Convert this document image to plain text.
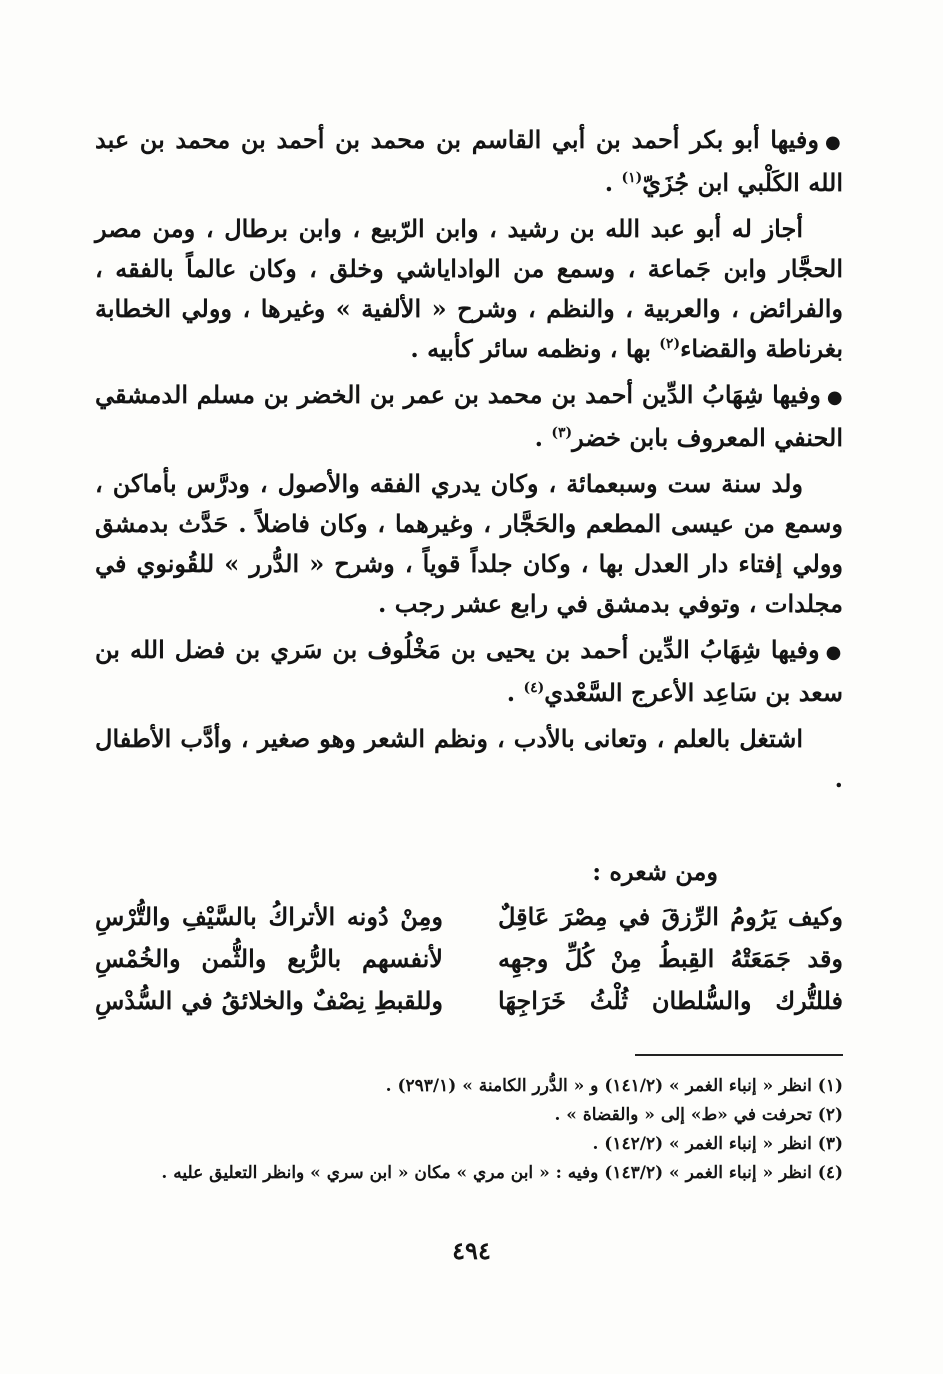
●وفيها أبو بكر أحمد بن أبي القاسم بن محمد بن أحمد بن محمد بن عبد الله الكَلْبي ابن جُزَيّ$^{(١)}$ .

أجاز له أبو عبد الله بن رشيد ، وابن الرّبيع ، وابن برطال ، ومن مصر الحجَّار وابن جَماعة ، وسمع من الواداياشي وخلق ، وكان عالماً بالفقه ، والفرائض ، والعربية ، والنظم ، وشرح « الألفية » وغيرها ، وولي الخطابة بغرناطة والقضاء$^{(٢)}$ بها ، ونظمه سائر كأبيه .

●وفيها شِهَابُ الدِّين أحمد بن محمد بن عمر بن الخضر بن مسلم الدمشقي الحنفي المعروف بابن خضر$^{(٣)}$ .

ولد سنة ست وسبعمائة ، وكان يدري الفقه والأصول ، ودرَّس بأماكن ، وسمع من عيسى المطعم والحَجَّار ، وغيرهما ، وكان فاضلاً . حَدَّث بدمشق وولي إفتاء دار العدل بها ، وكان جلداً قوياً ، وشرح « الدُّرر » للقُونوي في مجلدات ، وتوفي بدمشق في رابع عشر رجب .

●وفيها شِهَابُ الدِّين أحمد بن يحيى بن مَخْلُوف بن سَري بن فضل الله بن سعد بن سَاعِد الأعرج السَّعْدي$^{(٤)}$ .

اشتغل بالعلم ، وتعانى بالأدب ، ونظم الشعر وهو صغير ، وأدَّب الأطفال .

ومن شعره :
وكيف يَرُومُ الرِّزقَ في مِصْرَ عَاقِلٌ
ومِنْ دُونه الأتراكُ بالسَّيْفِ والتُّرْسِ
وقد جَمَعَتْهُ القِبطُ مِنْ كُلِّ وجهِه
لأنفسهم بالرُّبع والثُّمن والخُمْسِ
فللتُّرك والسُّلطان ثُلْثُ خَرَاجِهَا
وللقبطِ نِصْفٌ والخلائقُ في السُّدْسِ
(١) انظر « إنباء الغمر » (١٤١/٢) و « الدُّرر الكامنة » (٢٩٣/١) .
(٢) تحرفت في «ط» إلى « والقضاة » .
(٣) انظر « إنباء الغمر » (١٤٢/٢) .
(٤) انظر « إنباء الغمر » (١٤٣/٢) وفيه : « ابن مري » مكان « ابن سري » وانظر التعليق عليه .
٤٩٤
